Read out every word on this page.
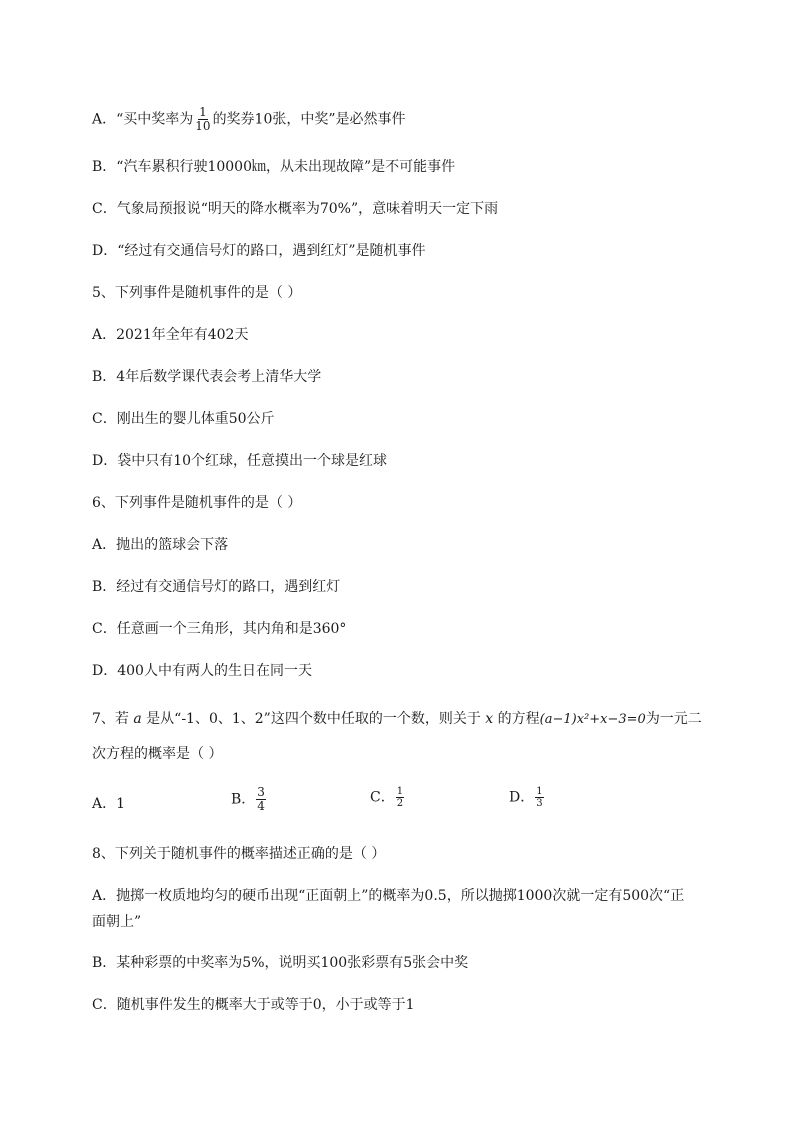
A．“买中奖率为 $\frac{1}{10}$ 的奖券10张，中奖”是必然事件
B．“汽车累积行驶10000㎞，从未出现故障”是不可能事件
C．气象局预报说“明天的降水概率为70%”，意味着明天一定下雨
D．“经过有交通信号灯的路口，遇到红灯”是随机事件
5、下列事件是随机事件的是（ ）
A．2021年全年有402天
B．4年后数学课代表会考上清华大学
C．刚出生的婴儿体重50公斤
D．袋中只有10个红球，任意摸出一个球是红球
6、下列事件是随机事件的是（ ）
A．抛出的篮球会下落
B．经过有交通信号灯的路口，遇到红灯
C．任意画一个三角形，其内角和是360°
D．400人中有两人的生日在同一天
7、若 a 是从“-1、0、1、2”这四个数中任取的一个数，则关于 x 的方程(a−1)x²+x−3=0为一元二
次方程的概率是（ ）
A．1	B． $\frac{3}{4}$	C． $\frac{1}{2}$	D． $\frac{1}{3}$
8、下列关于随机事件的概率描述正确的是（ ）
A．抛掷一枚质地均匀的硬币出现“正面朝上”的概率为0.5，所以抛掷1000次就一定有500次“正
面朝上”
B．某种彩票的中奖率为5%，说明买100张彩票有5张会中奖
C．随机事件发生的概率大于或等于0，小于或等于1
